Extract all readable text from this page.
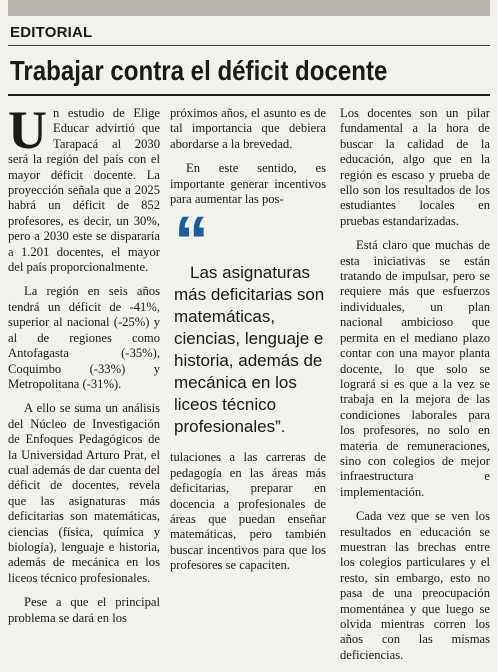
EDITORIAL
Trabajar contra el déficit docente

Un estudio de Elige Educar advirtió que Tarapacá al 2030 será la región del país con el mayor déficit docente. La proyección señala que a 2025 habrá un déficit de 852 profesores, es decir, un 30%, pero a 2030 este se dispararía a 1.201 docentes, el mayor del país proporcionalmente.

La región en seis años tendrá un déficit de -41%, superior al nacional (-25%) y al de regiones como Antofagasta (-35%), Coquimbo (-33%) y Metropolitana (-31%).

A ello se suma un análisis del Núcleo de Investigación de Enfoques Pedagógicos de la Universidad Arturo Prat, el cual además de dar cuenta del déficit de docentes, revela que las asignaturas más deficitarias son matemáticas, ciencias (física, química y biología), lenguaje e historia, además de mecánica en los liceos técnico profesionales.

Pese a que el principal problema se dará en los

próximos años, el asunto es de tal importancia que debiera abordarse a la brevedad.

En este sentido, es importante generar incentivos para aumentar las pos-

“

Las asignaturas más deficitarias son matemáticas, ciencias, lenguaje e historia, además de mecánica en los liceos técnico profesionales”.

tulaciones a las carreras de pedagogía en las áreas más deficitarias, preparar en docencia a profesionales de áreas que puedan enseñar matemáticas, pero también buscar incentivos para que los profesores se capaciten.

Los docentes son un pilar fundamental a la hora de buscar la calidad de la educación, algo que en la región es escaso y prueba de ello son los resultados de los estudiantes locales en pruebas estandarizadas.

Está claro que muchas de esta iniciativas se están tratando de impulsar, pero se requiere más que esfuerzos individuales, un plan nacional ambicioso que permita en el mediano plazo contar con una mayor planta docente, lo que solo se logrará si es que a la vez se trabaja en la mejora de las condiciones laborales para los profesores, no solo en materia de remuneraciones, sino con colegios de mejor infraestructura e implementación.

Cada vez que se ven los resultados en educación se muestran las brechas entre los colegios particulares y el resto, sin embargo, esto no pasa de una preocupación momentánea y que luego se olvida mientras corren los años con las mismas deficiencias.
